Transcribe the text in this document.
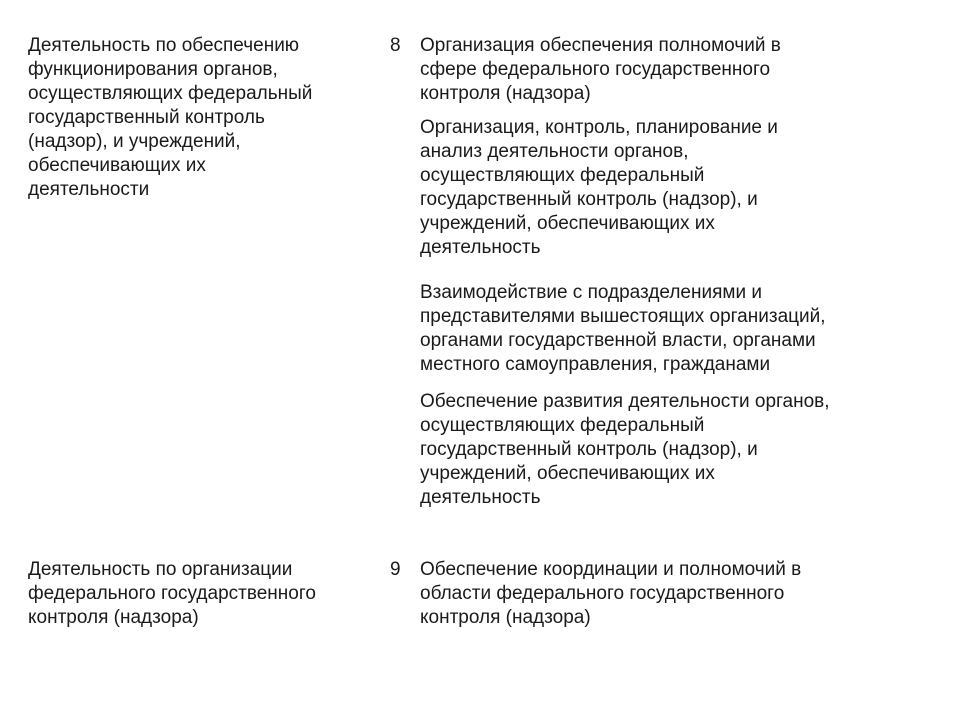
Деятельность по обеспечению
функционирования органов,
осуществляющих федеральный
государственный контроль
(надзор), и учреждений,
обеспечивающих их
деятельности

8	Организация обеспечения полномочий в
сфере федерального государственного
контроля (надзора)

Организация, контроль, планирование и
анализ деятельности органов,
осуществляющих федеральный
государственный контроль (надзор), и
учреждений, обеспечивающих их
деятельность

Взаимодействие с подразделениями и
представителями вышестоящих организаций,
органами государственной власти, органами
местного самоуправления, гражданами

Обеспечение развития деятельности органов,
осуществляющих федеральный
государственный контроль (надзор), и
учреждений, обеспечивающих их
деятельность

Деятельность по организации
федерального государственного
контроля (надзора)

9	Обеспечение координации и полномочий в
области федерального государственного
контроля (надзора)
